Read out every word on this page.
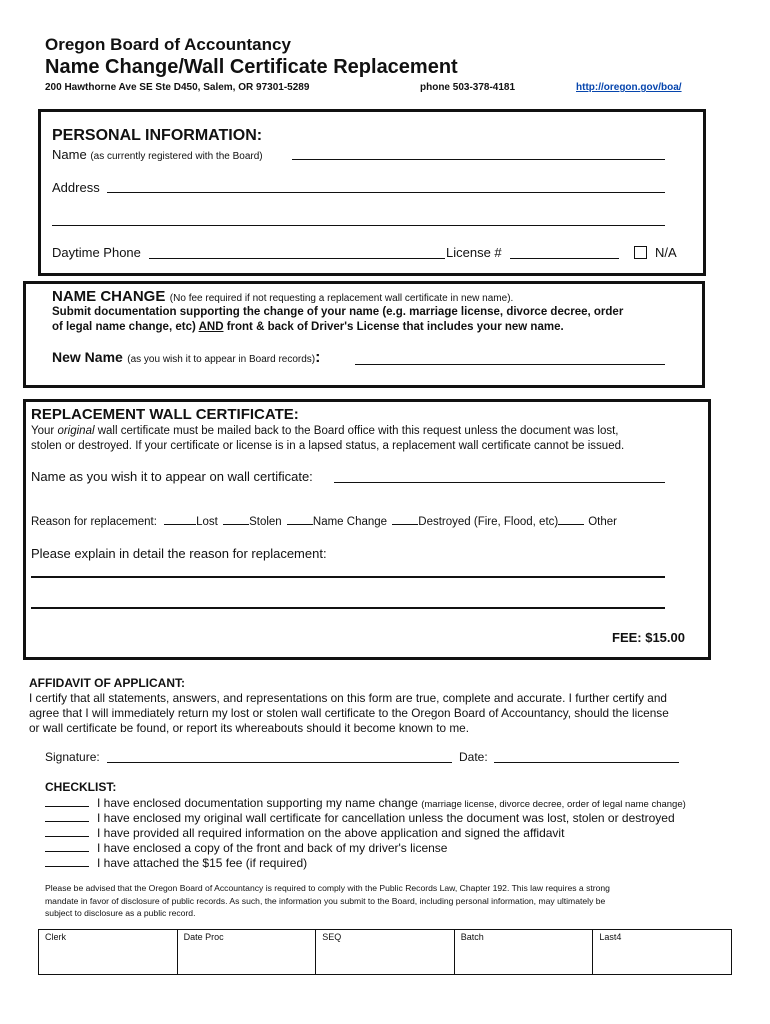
Oregon Board of Accountancy
Name Change/Wall Certificate Replacement
200 Hawthorne Ave SE Ste D450, Salem, OR 97301-5289	phone 503-378-4181	http://oregon.gov/boa/
PERSONAL INFORMATION:
Name (as currently registered with the Board)
Address
Daytime Phone	License #	N/A
NAME CHANGE (No fee required if not requesting a replacement wall certificate in new name).
Submit documentation supporting the change of your name (e.g. marriage license, divorce decree, order
of legal name change, etc) AND front & back of Driver's License that includes your new name.
New Name (as you wish it to appear in Board records):
REPLACEMENT WALL CERTIFICATE:
Your original wall certificate must be mailed back to the Board office with this request unless the document was lost,
stolen or destroyed. If your certificate or license is in a lapsed status, a replacement wall certificate cannot be issued.
Name as you wish it to appear on wall certificate:
Reason for replacement:	Lost	Stolen	Name Change	Destroyed (Fire, Flood, etc)	Other
Please explain in detail the reason for replacement:
FEE: $15.00
AFFIDAVIT OF APPLICANT:
I certify that all statements, answers, and representations on this form are true, complete and accurate. I further certify and
agree that I will immediately return my lost or stolen wall certificate to the Oregon Board of Accountancy, should the license
or wall certificate be found, or report its whereabouts should it become known to me.
Signature:	Date:
CHECKLIST:
I have enclosed documentation supporting my name change (marriage license, divorce decree, order of legal name change)
I have enclosed my original wall certificate for cancellation unless the document was lost, stolen or destroyed
I have provided all required information on the above application and signed the affidavit
I have enclosed a copy of the front and back of my driver's license
I have attached the $15 fee (if required)
Please be advised that the Oregon Board of Accountancy is required to comply with the Public Records Law, Chapter 192. This law requires a strong
mandate in favor of disclosure of public records. As such, the information you submit to the Board, including personal information, may ultimately be
subject to disclosure as a public record.
Clerk	Date Proc	SEQ	Batch	Last4
